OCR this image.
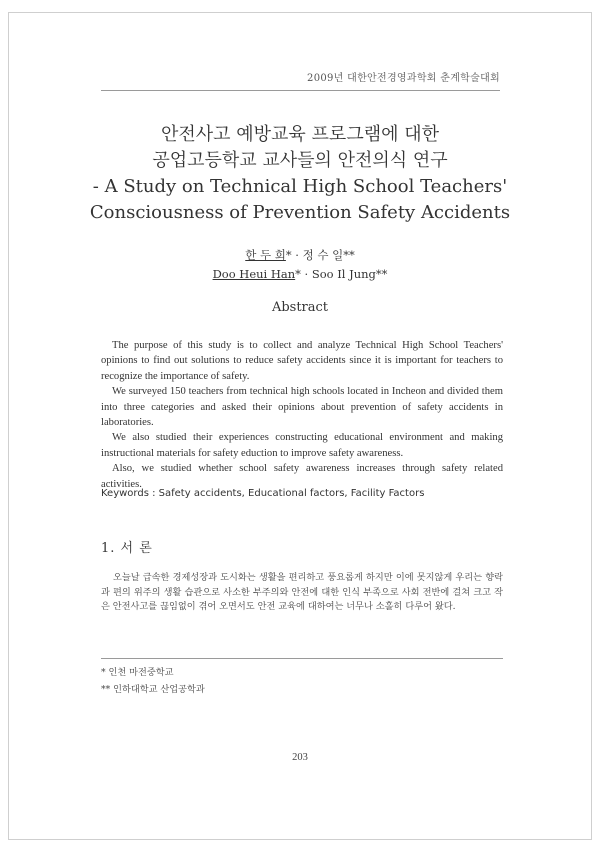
2009년 대한안전경영과학회 춘계학술대회
안전사고 예방교육 프로그램에 대한
공업고등학교 교사들의 안전의식 연구
- A Study on Technical High School Teachers'
Consciousness of Prevention Safety Accidents
한 두 희* · 정 수 일**
Doo Heui Han* · Soo Il Jung**
Abstract

The purpose of this study is to collect and analyze Technical High School Teachers' opinions to find out solutions to reduce safety accidents since it is important for teachers to recognize the importance of safety.

We surveyed 150 teachers from technical high schools located in Incheon and divided them into three categories and asked their opinions about prevention of safety accidents in laboratories.

We also studied their experiences constructing educational environment and making instructional materials for safety eduction to improve safety awareness.

Also, we studied whether school safety awareness increases through safety related activities.

Keywords : Safety accidents, Educational factors, Facility Factors
1. 서 론
오늘날 급속한 경제성장과 도시화는 생활을 편리하고 풍요롭게 하지만 이에 못지않게 우리는 향락과 편의 위주의 생활 습관으로 사소한 부주의와 안전에 대한 인식 부족으로 사회 전반에 걸쳐 크고 작은 안전사고를 끊임없이 겪어 오면서도 안전 교육에 대하여는 너무나 소홀히 다루어 왔다.
* 인천 마전중학교
** 인하대학교 산업공학과
203
